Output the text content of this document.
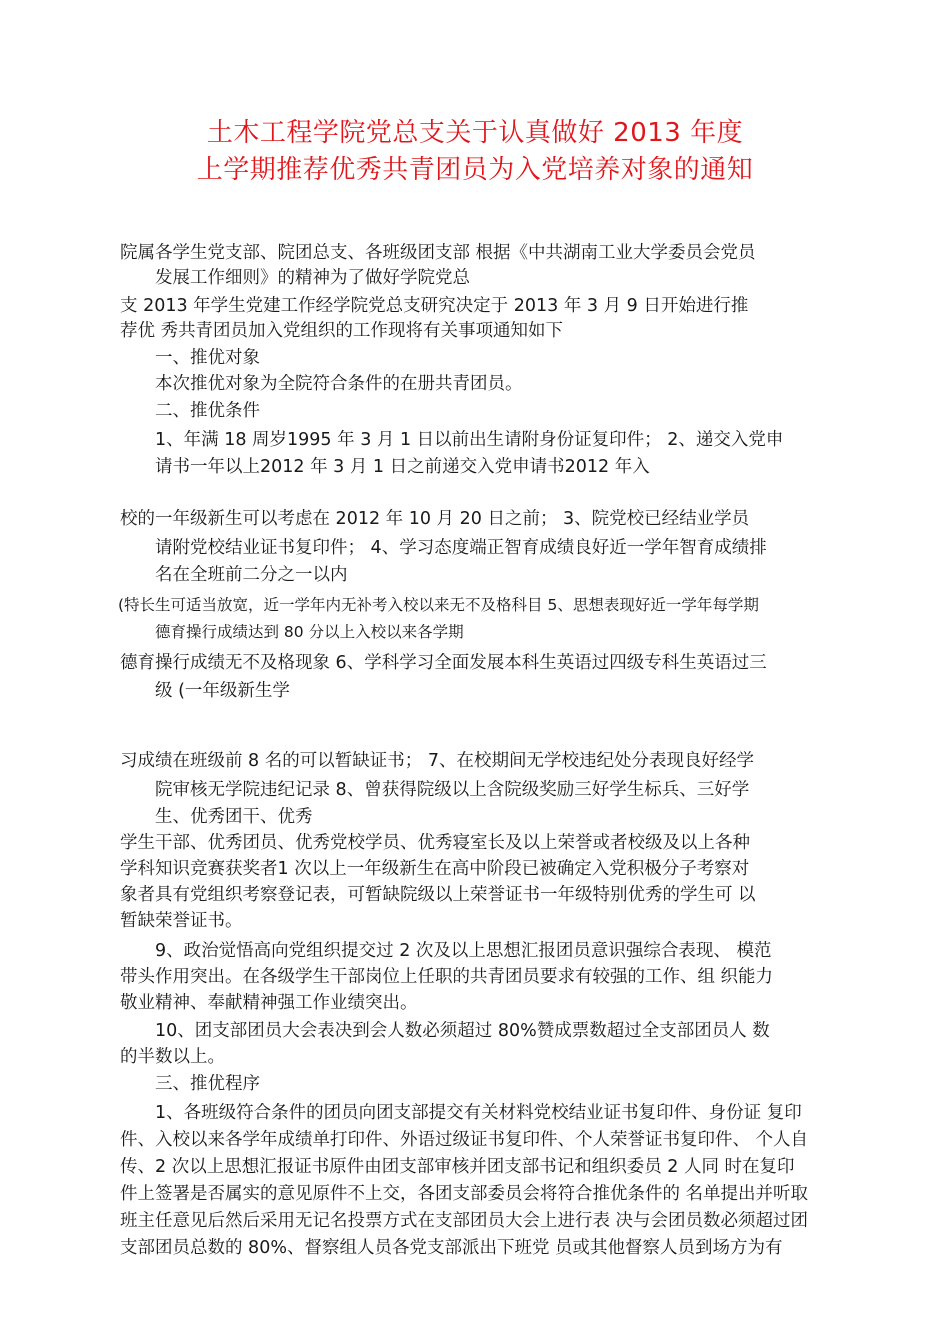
土木工程学院党总支关于认真做好 2013 年度
上学期推荐优秀共青团员为入党培养对象的通知
院属各学生党支部、院团总支、各班级团支部 根据《中共湖南工业大学委员会党员
发展工作细则》的精神为了做好学院党总
支 2013 年学生党建工作经学院党总支研究决定于 2013 年 3 月 9 日开始进行推
荐优 秀共青团员加入党组织的工作现将有关事项通知如下
一、推优对象
本次推优对象为全院符合条件的在册共青团员。
二、推优条件
1、年满 18 周岁1995 年 3 月 1 日以前出生请附身份证复印件； 2、递交入党申
请书一年以上2012 年 3 月 1 日之前递交入党申请书2012 年入
校的一年级新生可以考虑在 2012 年 10 月 20 日之前； 3、院党校已经结业学员
请附党校结业证书复印件； 4、学习态度端正智育成绩良好近一学年智育成绩排
名在全班前二分之一以内
(特长生可适当放宽，近一学年内无补考入校以来无不及格科目 5、思想表现好近一学年每学期
德育操行成绩达到 80 分以上入校以来各学期
德育操行成绩无不及格现象 6、学科学习全面发展本科生英语过四级专科生英语过三
级 (一年级新生学
习成绩在班级前 8 名的可以暂缺证书； 7、在校期间无学校违纪处分表现良好经学
院审核无学院违纪记录 8、曾获得院级以上含院级奖励三好学生标兵、三好学
生、优秀团干、优秀
学生干部、优秀团员、优秀党校学员、优秀寝室长及以上荣誉或者校级及以上各种
学科知识竞赛获奖者1 次以上一年级新生在高中阶段已被确定入党积极分子考察对
象者具有党组织考察登记表，可暂缺院级以上荣誉证书一年级特别优秀的学生可 以
暂缺荣誉证书。
9、政治觉悟高向党组织提交过 2 次及以上思想汇报团员意识强综合表现、 模范
带头作用突出。在各级学生干部岗位上任职的共青团员要求有较强的工作、组 织能力
敬业精神、奉献精神强工作业绩突出。
10、团支部团员大会表决到会人数必须超过 80%赞成票数超过全支部团员人 数
的半数以上。
三、推优程序
1、各班级符合条件的团员向团支部提交有关材料党校结业证书复印件、身份证 复印
件、入校以来各学年成绩单打印件、外语过级证书复印件、个人荣誉证书复印件、 个人自
传、2 次以上思想汇报证书原件由团支部审核并团支部书记和组织委员 2 人同 时在复印
件上签署是否属实的意见原件不上交，各团支部委员会将符合推优条件的 名单提出并听取
班主任意见后然后采用无记名投票方式在支部团员大会上进行表 决与会团员数必须超过团
支部团员总数的 80%、督察组人员各党支部派出下班党 员或其他督察人员到场方为有
